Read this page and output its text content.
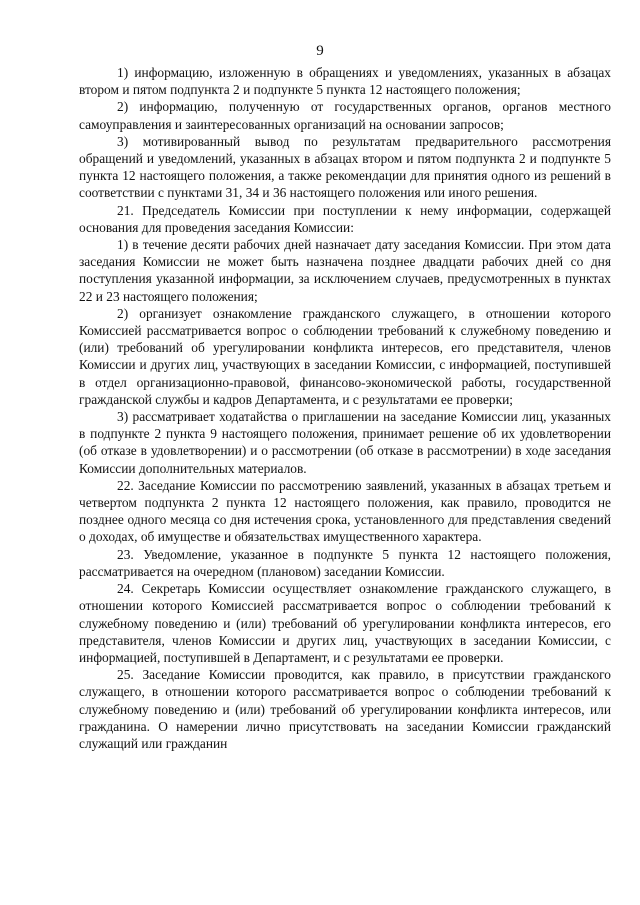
9

1) информацию, изложенную в обращениях и уведомлениях, указанных в абзацах втором и пятом подпункта 2 и подпункте 5 пункта 12 настоящего положения;

2) информацию, полученную от государственных органов, органов местного самоуправления и заинтересованных организаций на основании запросов;

3) мотивированный вывод по результатам предварительного рассмотрения обращений и уведомлений, указанных в абзацах втором и пятом подпункта 2 и подпункте 5 пункта 12 настоящего положения, а также рекомендации для принятия одного из решений в соответствии с пунктами 31, 34 и 36 настоящего положения или иного решения.

21. Председатель Комиссии при поступлении к нему информации, содержащей основания для проведения заседания Комиссии:

1) в течение десяти рабочих дней назначает дату заседания Комиссии. При этом дата заседания Комиссии не может быть назначена позднее двадцати рабочих дней со дня поступления указанной информации, за исключением случаев, предусмотренных в пунктах 22 и 23 настоящего положения;

2) организует ознакомление гражданского служащего, в отношении которого Комиссией рассматривается вопрос о соблюдении требований к служебному поведению и (или) требований об урегулировании конфликта интересов, его представителя, членов Комиссии и других лиц, участвующих в заседании Комиссии, с информацией, поступившей в отдел организационно-правовой, финансово-экономической работы, государственной гражданской службы и кадров Департамента, и с результатами ее проверки;

3) рассматривает ходатайства о приглашении на заседание Комиссии лиц, указанных в подпункте 2 пункта 9 настоящего положения, принимает решение об их удовлетворении (об отказе в удовлетворении) и о рассмотрении (об отказе в рассмотрении) в ходе заседания Комиссии дополнительных материалов.

22. Заседание Комиссии по рассмотрению заявлений, указанных в абзацах третьем и четвертом подпункта 2 пункта 12 настоящего положения, как правило, проводится не позднее одного месяца со дня истечения срока, установленного для представления сведений о доходах, об имуществе и обязательствах имущественного характера.

23. Уведомление, указанное в подпункте 5 пункта 12 настоящего положения, рассматривается на очередном (плановом) заседании Комиссии.

24. Секретарь Комиссии осуществляет ознакомление гражданского служащего, в отношении которого Комиссией рассматривается вопрос о соблюдении требований к служебному поведению и (или) требований об урегулировании конфликта интересов, его представителя, членов Комиссии и других лиц, участвующих в заседании Комиссии, с информацией, поступившей в Департамент, и с результатами ее проверки.

25. Заседание Комиссии проводится, как правило, в присутствии гражданского служащего, в отношении которого рассматривается вопрос о соблюдении требований к служебному поведению и (или) требований об урегулировании конфликта интересов, или гражданина. О намерении лично присутствовать на заседании Комиссии гражданский служащий или гражданин
